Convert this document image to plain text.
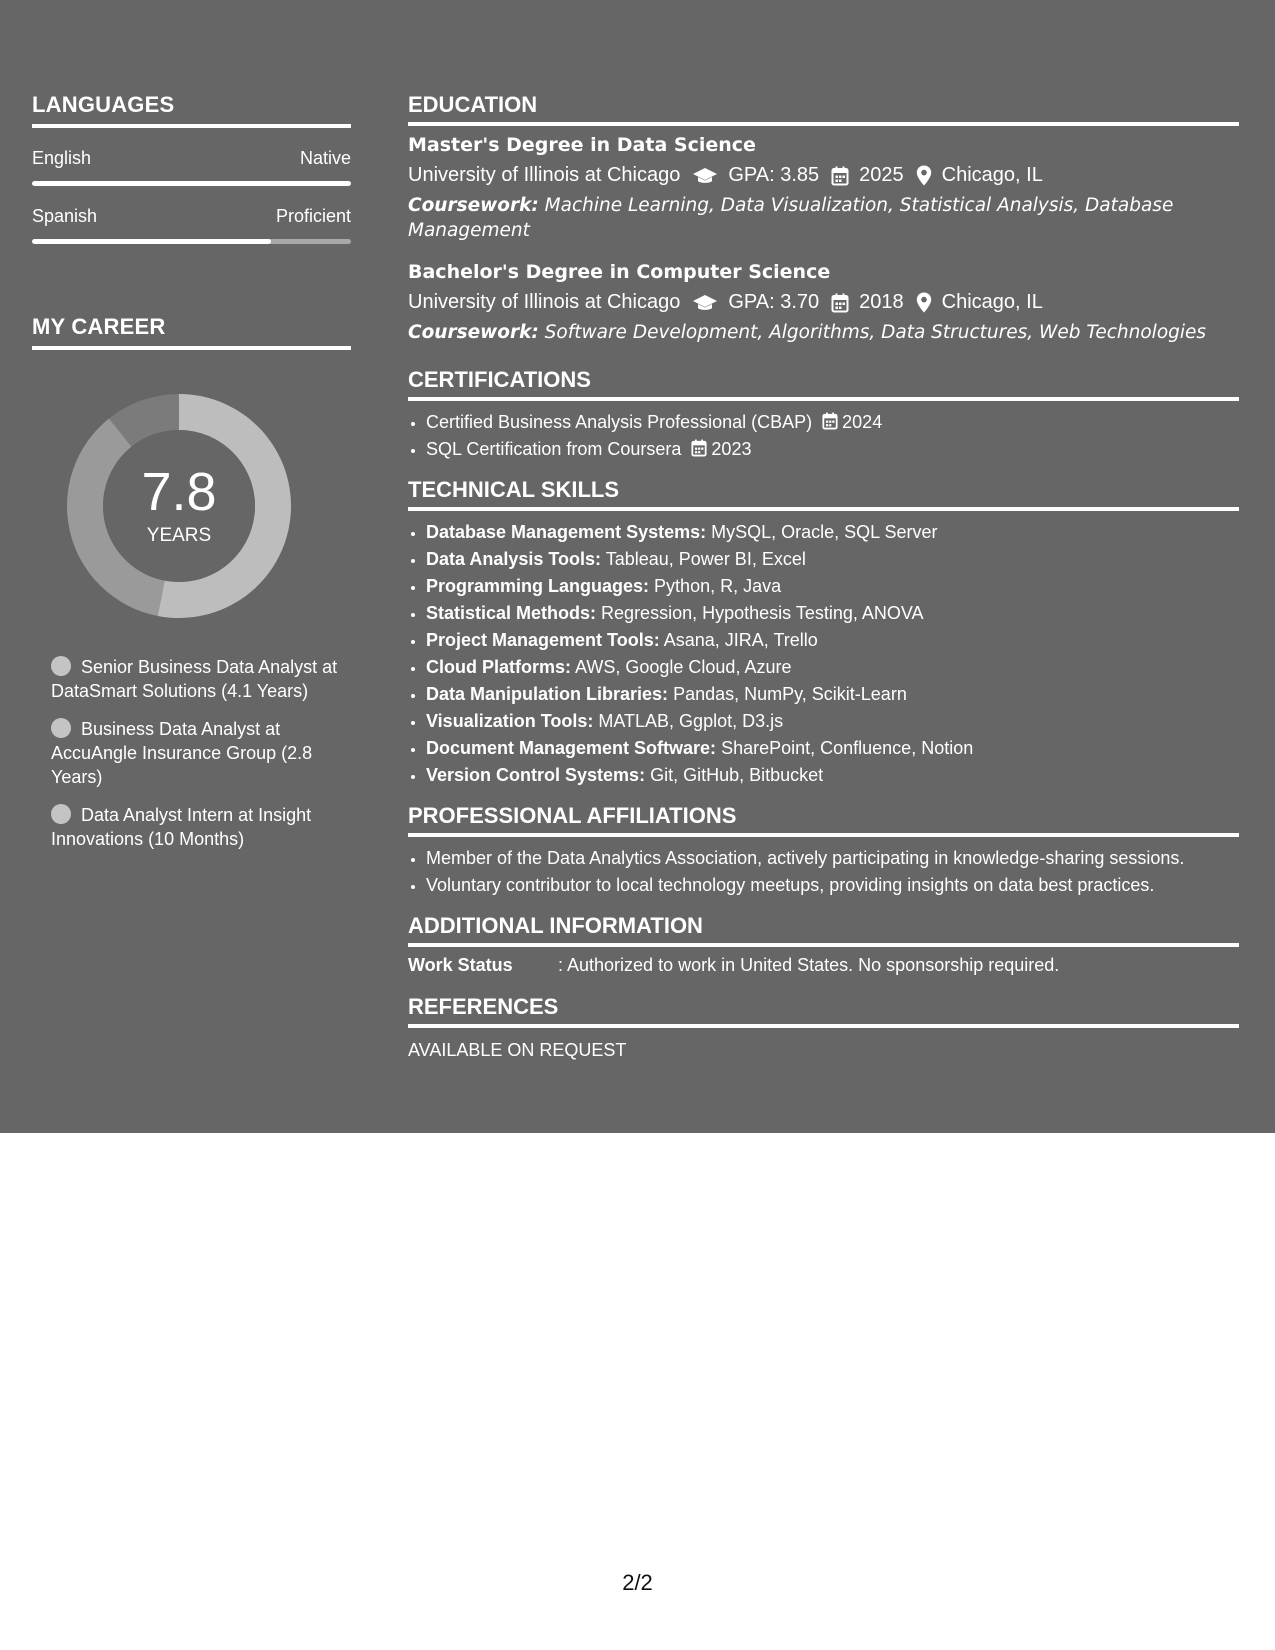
LANGUAGES
English	Native
Spanish	Proficient
MY CAREER
7.8
YEARS
Senior Business Data Analyst at DataSmart Solutions (4.1 Years)
Business Data Analyst at AccuAngle Insurance Group (2.8 Years)
Data Analyst Intern at Insight Innovations (10 Months)
EDUCATION
Master's Degree in Data Science
University of Illinois at Chicago GPA: 3.85 2025 Chicago, IL
Coursework: Machine Learning, Data Visualization, Statistical Analysis, Database Management
Bachelor's Degree in Computer Science
University of Illinois at Chicago GPA: 3.70 2018 Chicago, IL
Coursework: Software Development, Algorithms, Data Structures, Web Technologies
CERTIFICATIONS
• Certified Business Analysis Professional (CBAP) 2024
• SQL Certification from Coursera 2023
TECHNICAL SKILLS
• Database Management Systems: MySQL, Oracle, SQL Server
• Data Analysis Tools: Tableau, Power BI, Excel
• Programming Languages: Python, R, Java
• Statistical Methods: Regression, Hypothesis Testing, ANOVA
• Project Management Tools: Asana, JIRA, Trello
• Cloud Platforms: AWS, Google Cloud, Azure
• Data Manipulation Libraries: Pandas, NumPy, Scikit-Learn
• Visualization Tools: MATLAB, Ggplot, D3.js
• Document Management Software: SharePoint, Confluence, Notion
• Version Control Systems: Git, GitHub, Bitbucket
PROFESSIONAL AFFILIATIONS
• Member of the Data Analytics Association, actively participating in knowledge-sharing sessions.
• Voluntary contributor to local technology meetups, providing insights on data best practices.
ADDITIONAL INFORMATION
Work Status	: Authorized to work in United States. No sponsorship required.
REFERENCES
AVAILABLE ON REQUEST
2/2
